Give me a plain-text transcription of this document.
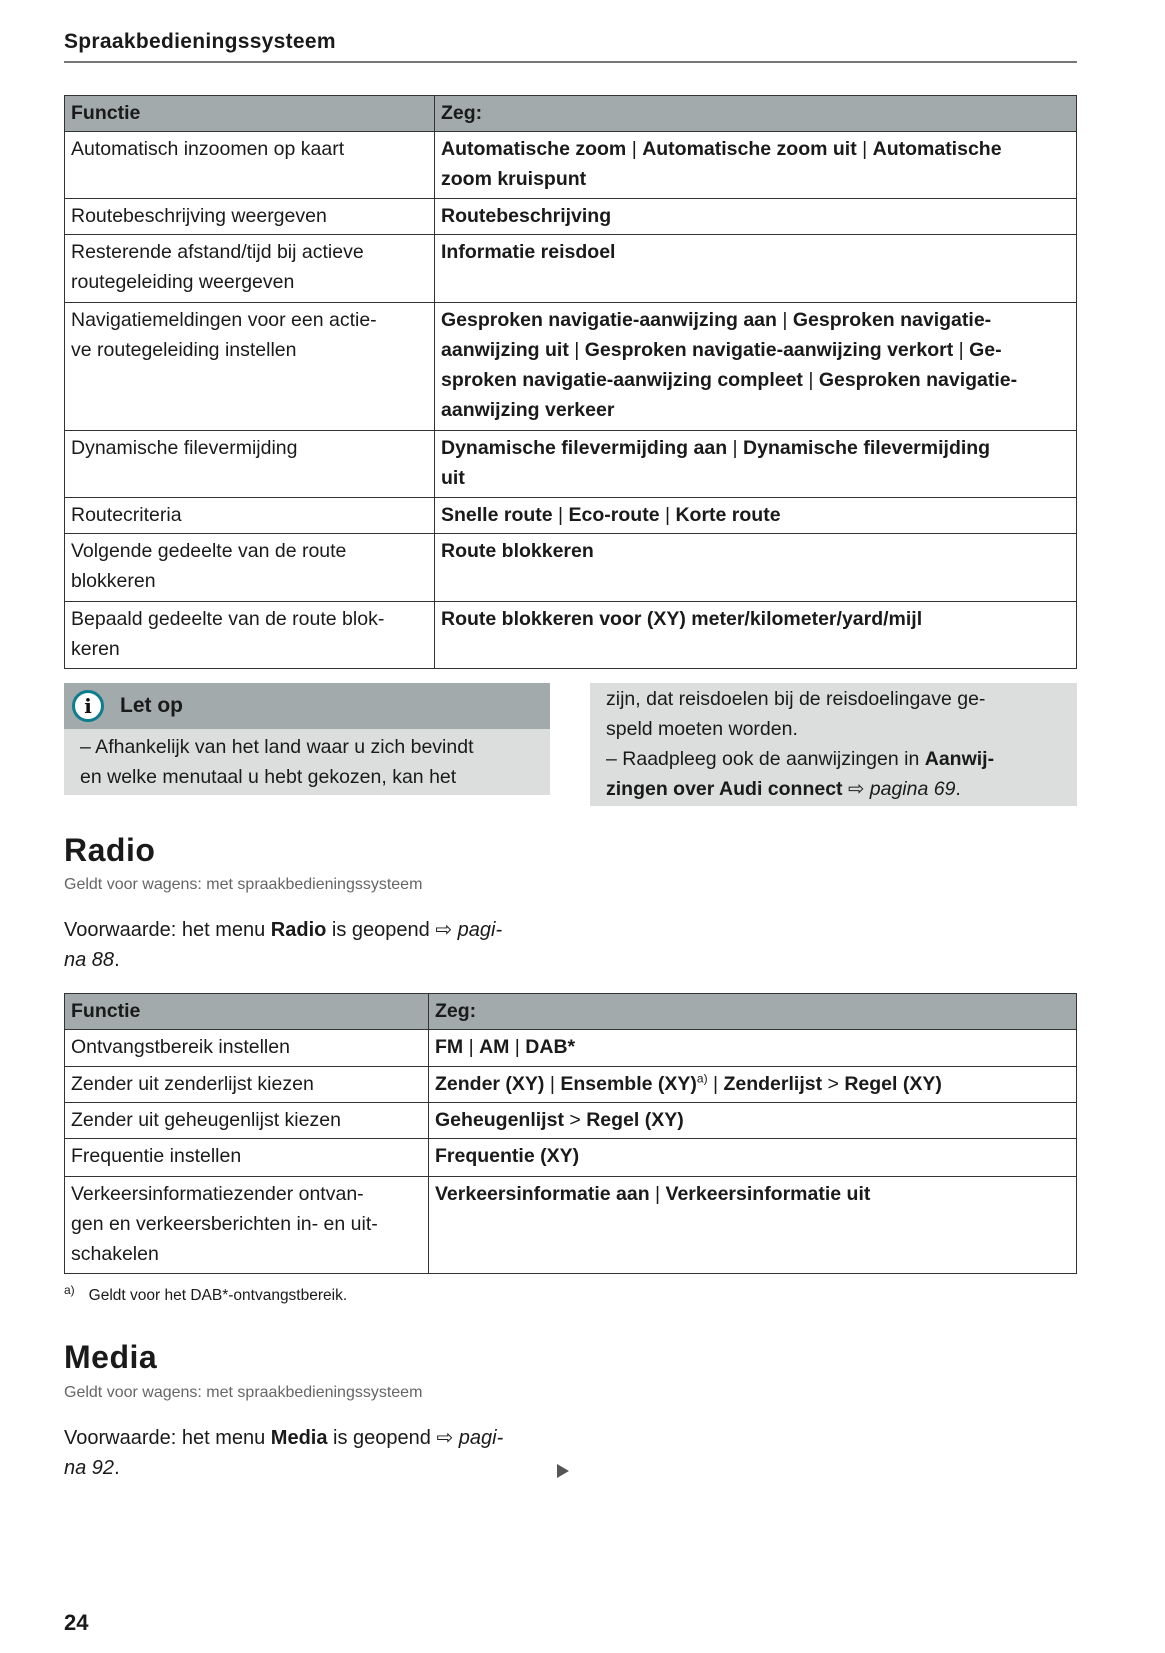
Spraakbedieningssysteem
Functie	Zeg:
Automatisch inzoomen op kaart	Automatische zoom | Automatische zoom uit | Automatische
zoom kruispunt
Routebeschrijving weergeven	Routebeschrijving
Resterende afstand/tijd bij actieve
routegeleiding weergeven	Informatie reisdoel
Navigatiemeldingen voor een actie-
ve routegeleiding instellen	Gesproken navigatie-aanwijzing aan | Gesproken navigatie-
aanwijzing uit | Gesproken navigatie-aanwijzing verkort | Ge-
sproken navigatie-aanwijzing compleet | Gesproken navigatie-
aanwijzing verkeer
Dynamische filevermijding	Dynamische filevermijding aan | Dynamische filevermijding
uit
Routecriteria	Snelle route | Eco-route | Korte route
Volgende gedeelte van de route
blokkeren	Route blokkeren
Bepaald gedeelte van de route blok-
keren	Route blokkeren voor (XY) meter/kilometer/yard/mijl
i	Let op
– Afhankelijk van het land waar u zich bevindt
en welke menutaal u hebt gekozen, kan het
zijn, dat reisdoelen bij de reisdoelingave ge-
speld moeten worden.
– Raadpleeg ook de aanwijzingen in Aanwij-
zingen over Audi connect ⇨ pagina 69.
Radio
Geldt voor wagens: met spraakbedieningssysteem
Voorwaarde: het menu Radio is geopend ⇨ pagi-
na 88.
Functie	Zeg:
Ontvangstbereik instellen	FM | AM | DAB*
Zender uit zenderlijst kiezen	Zender (XY) | Ensemble (XY)$^{a)}$ | Zenderlijst > Regel (XY)
Zender uit geheugenlijst kiezen	Geheugenlijst > Regel (XY)
Frequentie instellen	Frequentie (XY)
Verkeersinformatiezender ontvan-
gen en verkeersberichten in- en uit-
schakelen	Verkeersinformatie aan | Verkeersinformatie uit
$^{a)}$ Geldt voor het DAB*-ontvangstbereik.
Media
Geldt voor wagens: met spraakbedieningssysteem
Voorwaarde: het menu Media is geopend ⇨ pagi-
na 92.
24
